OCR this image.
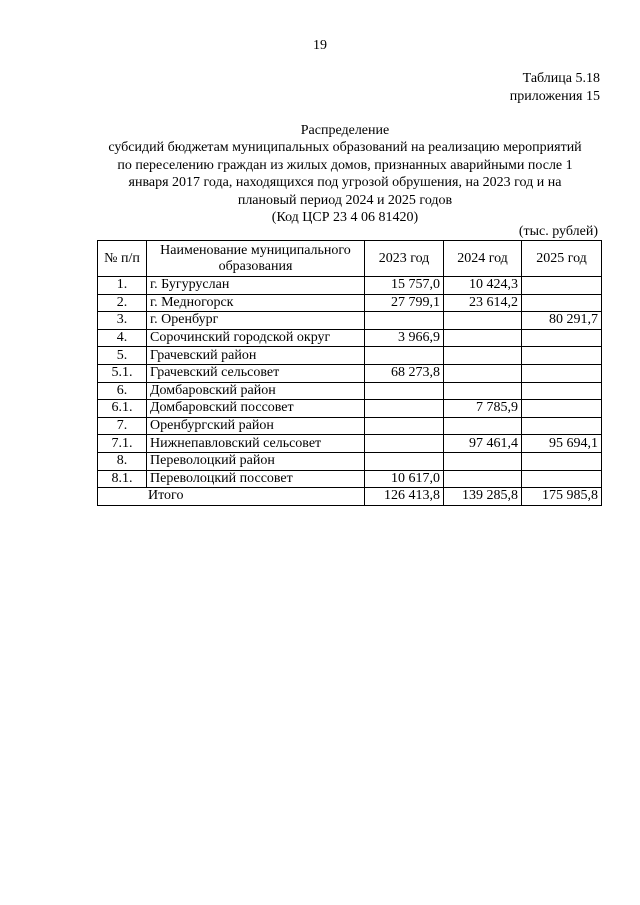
19
Таблица 5.18
приложения 15
Распределение
субсидий бюджетам муниципальных образований на реализацию мероприятий
по переселению граждан из жилых домов, признанных аварийными после 1
января 2017 года, находящихся под угрозой обрушения, на 2023 год и на
плановый период 2024 и 2025 годов
(Код ЦСР 23 4 06 81420)
(тыс. рублей)
№ п/п	Наименование муниципального образования	2023 год	2024 год	2025 год
1.	г. Бугуруслан	15 757,0	10 424,3	
2.	г. Медногорск	27 799,1	23 614,2	
3.	г. Оренбург			80 291,7
4.	Сорочинский городской округ	3 966,9		
5.	Грачевский район			
5.1.	Грачевский сельсовет	68 273,8		
6.	Домбаровский район			
6.1.	Домбаровский поссовет		7 785,9	
7.	Оренбургский район			
7.1.	Нижнепавловский сельсовет		97 461,4	95 694,1
8.	Переволоцкий район			
8.1.	Переволоцкий поссовет	10 617,0		
Итого		126 413,8	139 285,8	175 985,8
